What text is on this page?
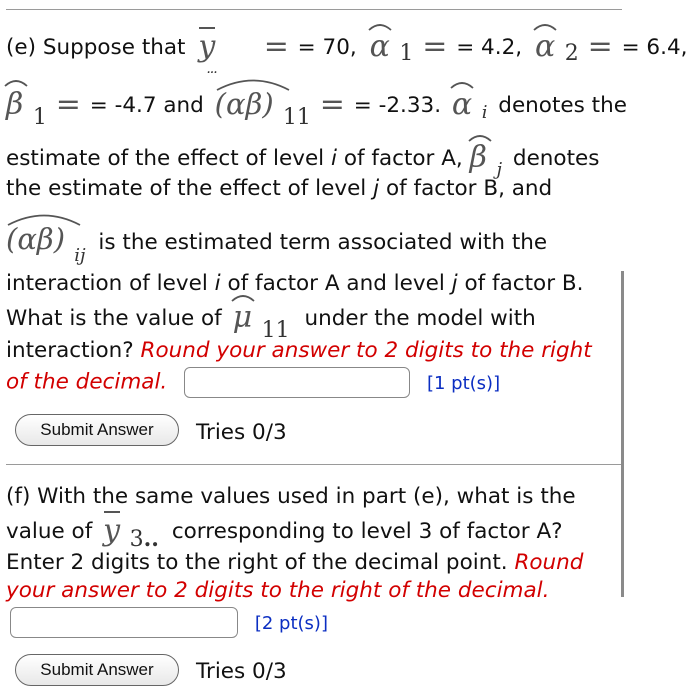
(e) Suppose that y
...
= = 70, α 1 = = 4.2, α 2 = = 6.4,
β 1 = = -4.7 and (αβ)
11 = = -2.33. α $_i$ denotes the
estimate of the effect of level i of factor A, β $_j$ denotes
the estimate of the effect of level j of factor B, and
(αβ)
$_{ij}$ is the estimated term associated with the
interaction of level i of factor A and level j of factor B.
What is the value of μ 11 under the model with
interaction? Round your answer to 2 digits to the right
of the decimal.	[1 pt(s)]
Submit Answer Tries 0/3
(f) With the same values used in part (e), what is the
value of y 3.. corresponding to level 3 of factor A?
Enter 2 digits to the right of the decimal point. Round
your answer to 2 digits to the right of the decimal.
[2 pt(s)]
Submit Answer Tries 0/3
